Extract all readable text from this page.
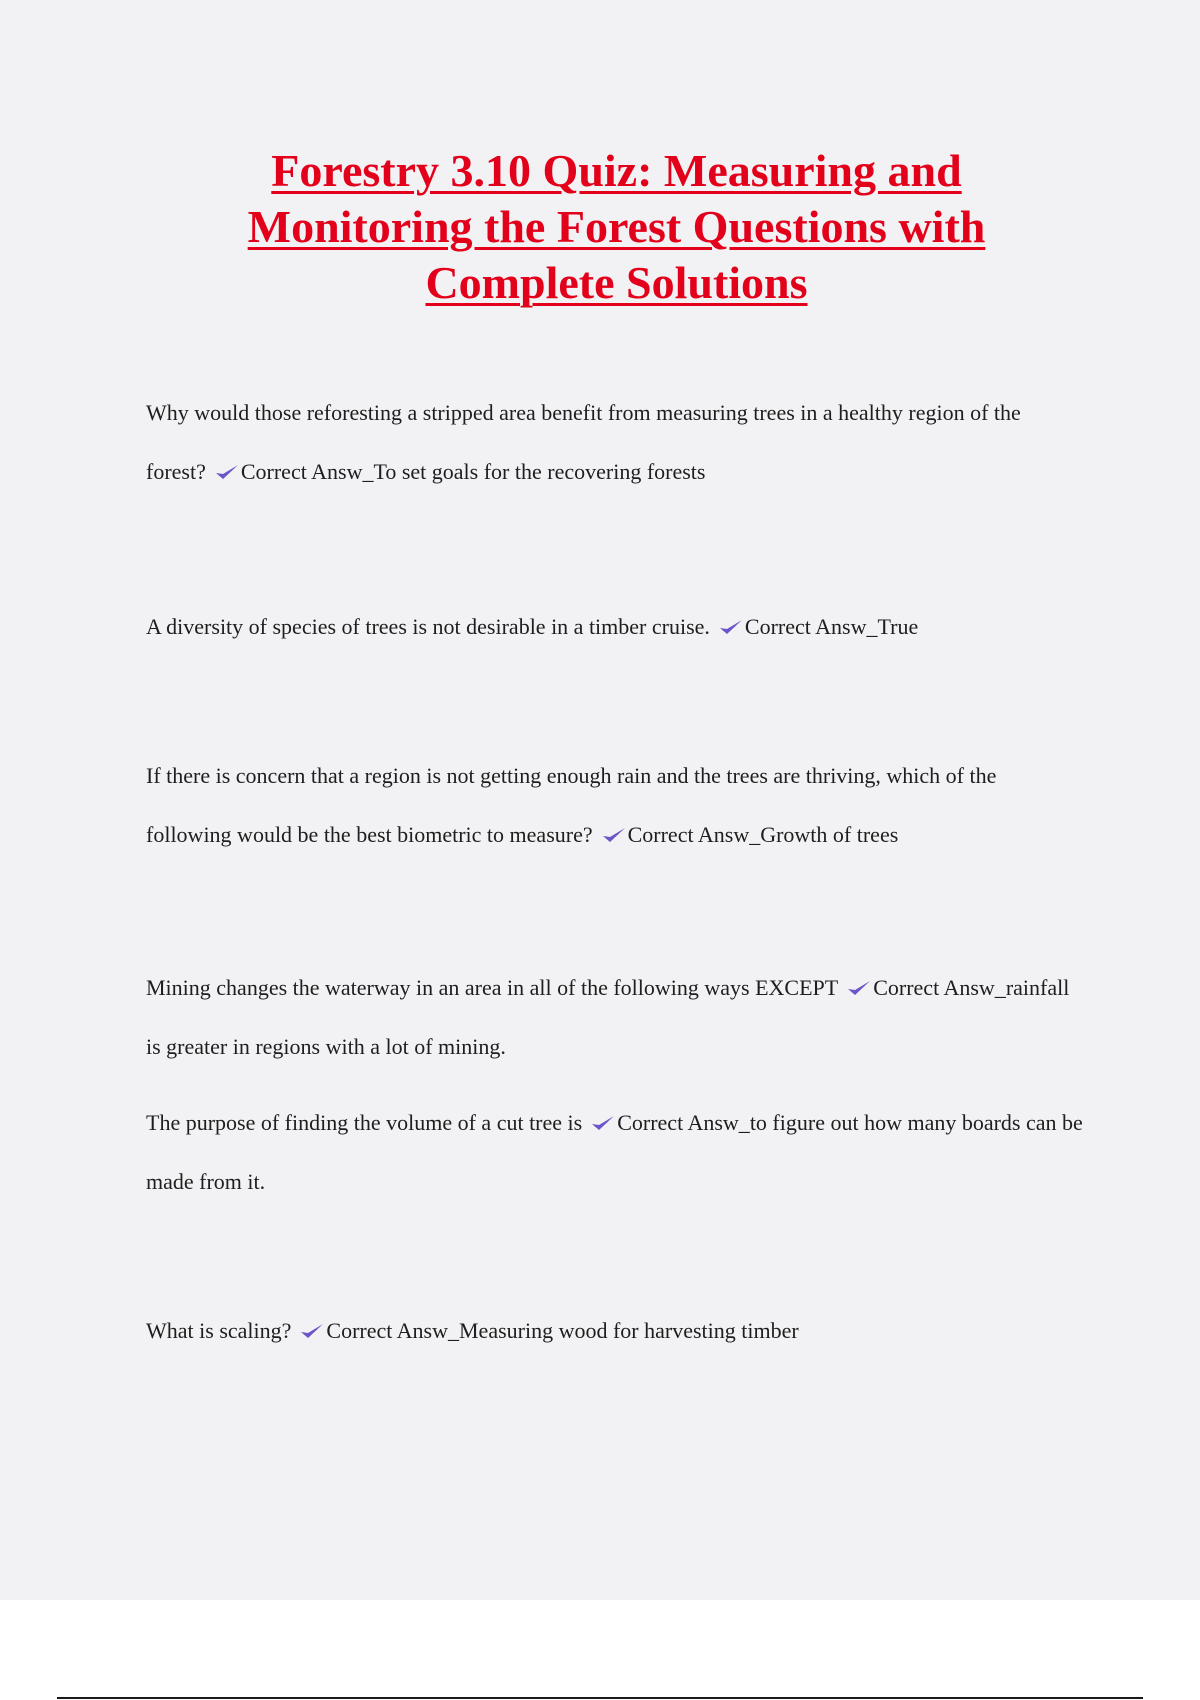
Forestry 3.10 Quiz: Measuring and
Monitoring the Forest Questions with
Complete Solutions

Why would those reforesting a stripped area benefit from measuring trees in a healthy region of the forest? Correct Answ_To set goals for the recovering forests

A diversity of species of trees is not desirable in a timber cruise. Correct Answ_True

If there is concern that a region is not getting enough rain and the trees are thriving, which of the following would be the best biometric to measure? Correct Answ_Growth of trees

Mining changes the waterway in an area in all of the following ways EXCEPT Correct Answ_rainfall is greater in regions with a lot of mining.

The purpose of finding the volume of a cut tree is Correct Answ_to figure out how many boards can be made from it.

What is scaling? Correct Answ_Measuring wood for harvesting timber
